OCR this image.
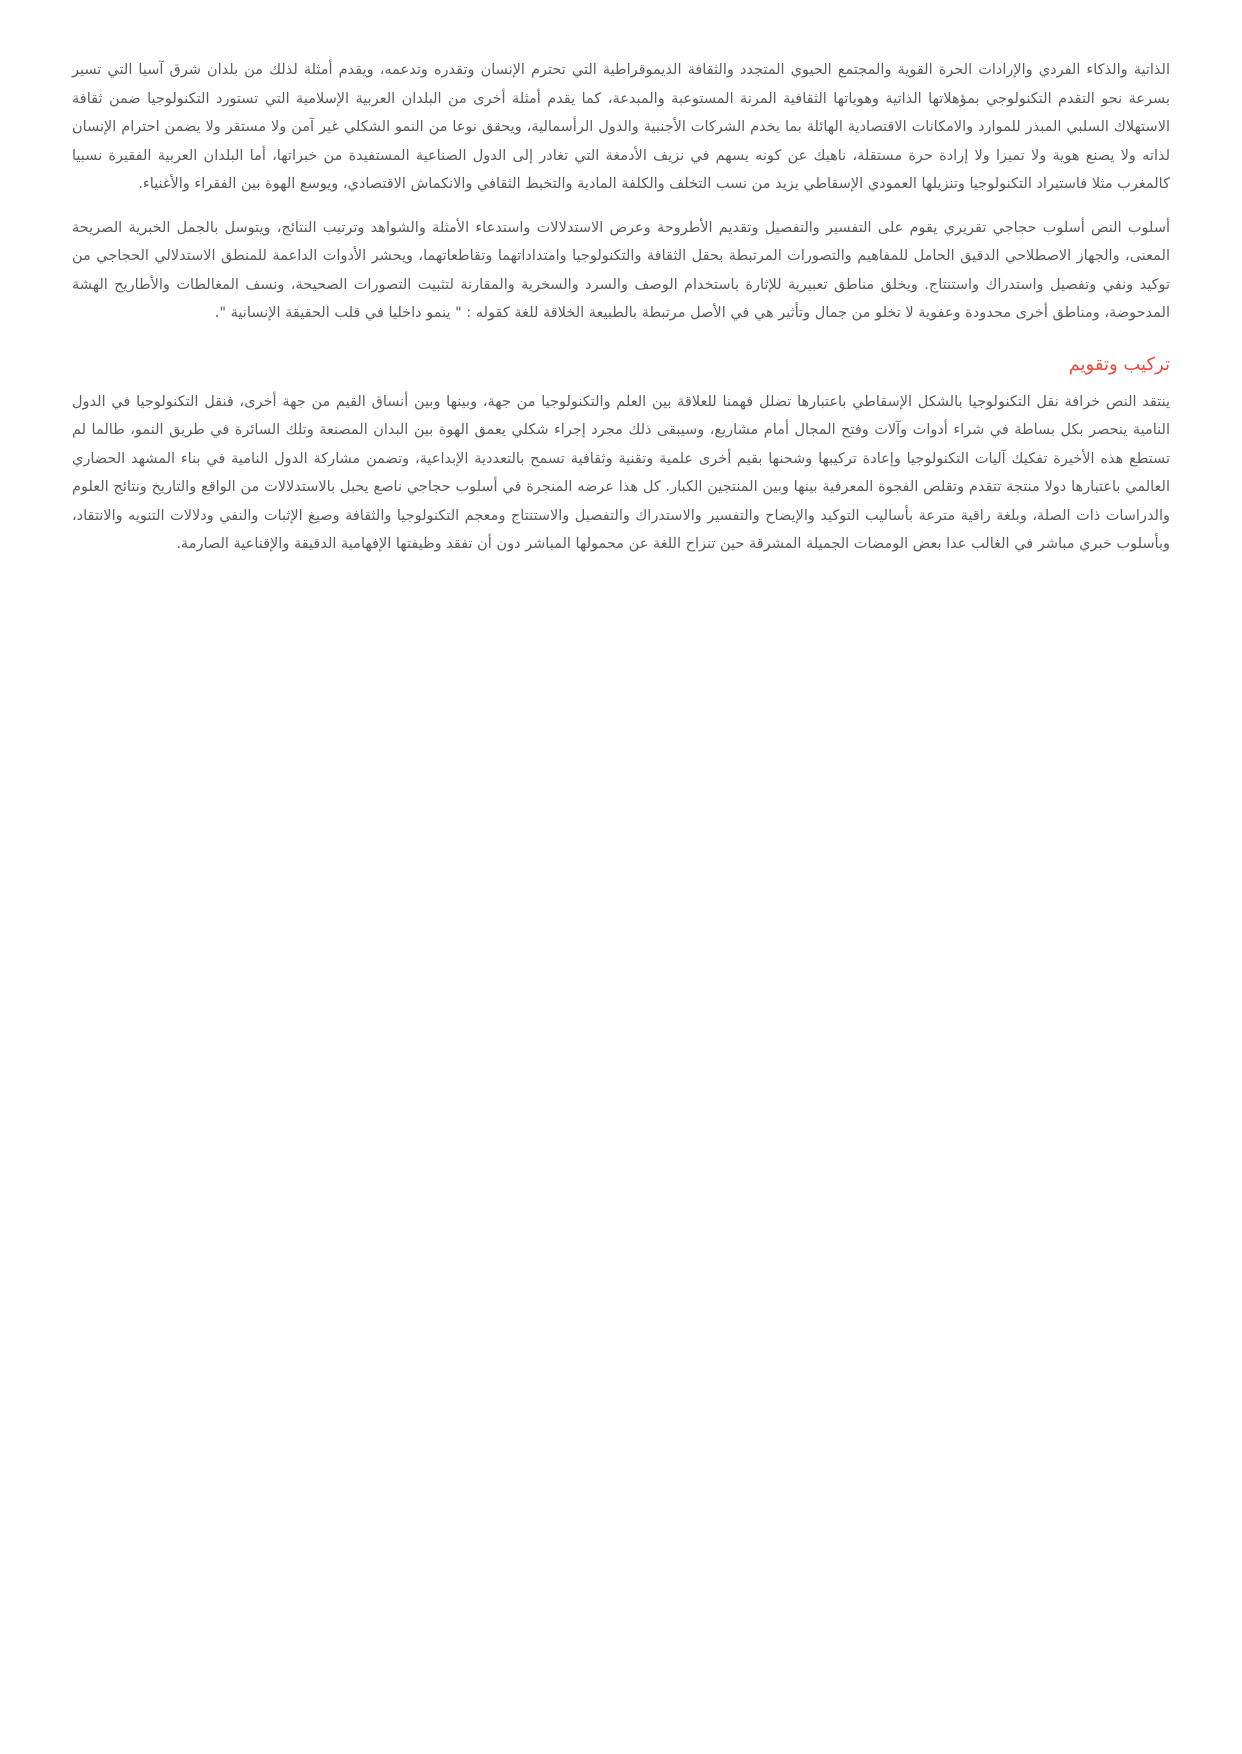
الذاتية والذكاء الفردي والإرادات الحرة القوية والمجتمع الحيوي المتجدد والثقافة الديموقراطية التي تحترم الإنسان وتقدره وتدعمه، ويقدم أمثلة لذلك من بلدان شرق آسيا التي تسير بسرعة نحو التقدم التكنولوجي بمؤهلاتها الذاتية وهوياتها الثقافية المرنة المستوعبة والمبدعة، كما يقدم أمثلة أخرى من البلدان العربية الإسلامية التي تستورد التكنولوجيا ضمن ثقافة الاستهلاك السلبي المبذر للموارد والامكانات الاقتصادية الهائلة بما يخدم الشركات الأجنبية والدول الرأسمالية، ويحقق نوعا من النمو الشكلي غير آمن ولا مستقر ولا يضمن احترام الإنسان لذاته ولا يصنع هوية ولا تميزا ولا إرادة حرة مستقلة، ناهيك عن كونه يسهم في نزيف الأدمغة التي تغادر إلى الدول الصناعية المستفيدة من خبراتها، أما البلدان العربية الفقيرة نسبيا كالمغرب مثلا فاستيراد التكنولوجيا وتنزيلها العمودي الإسقاطي يزيد من نسب التخلف والكلفة المادية والتخبط الثقافي والانكماش الاقتصادي، ويوسع الهوة بين الفقراء والأغنياء.

أسلوب النص أسلوب حجاجي تقريري يقوم على التفسير والتفصيل وتقديم الأطروحة وعرض الاستدلالات واستدعاء الأمثلة والشواهد وترتيب النتائج، ويتوسل بالجمل الخبرية الصريحة المعنى، والجهاز الاصطلاحي الدقيق الحامل للمفاهيم والتصورات المرتبطة بحقل الثقافة والتكنولوجيا وامتداداتهما وتقاطعاتهما، ويحشر الأدوات الداعمة للمنطق الاستدلالي الحجاجي من توكيد ونفي وتفصيل واستدراك واستنتاج. ويخلق مناطق تعبيرية للإثارة باستخدام الوصف والسرد والسخرية والمقارنة لتثبيت التصورات الصحيحة، ونسف المغالطات والأطاريح الهشة المدحوضة، ومناطق أخرى محدودة وعفوية لا تخلو من جمال وتأثير هي في الأصل مرتبطة بالطبيعة الخلاقة للغة كقوله : " ينمو داخليا في قلب الحقيقة الإنسانية ".

تركيب وتقويم

ينتقد النص خرافة نقل التكنولوجيا بالشكل الإسقاطي باعتبارها تضلل فهمنا للعلاقة بين العلم والتكنولوجيا من جهة، وبينها وبين أنساق القيم من جهة أخرى، فنقل التكنولوجيا في الدول النامية ينحصر بكل بساطة في شراء أدوات وآلات وفتح المجال أمام مشاريع، وسيبقى ذلك مجرد إجراء شكلي يعمق الهوة بين البدان المصنعة وتلك السائرة في طريق النمو، طالما لم تستطع هذه الأخيرة تفكيك آليات التكنولوجيا وإعادة تركيبها وشحنها بقيم أخرى علمية وتقنية وثقافية تسمح بالتعددية الإبداعية، وتضمن مشاركة الدول النامية في بناء المشهد الحضاري العالمي باعتبارها دولا منتجة تتقدم وتقلص الفجوة المعرفية بينها وبين المنتجين الكبار. كل هذا عرضه المنجرة في أسلوب حجاجي ناصع يحبل بالاستدلالات من الواقع والتاريخ ونتائج العلوم والدراسات ذات الصلة، وبلغة راقية مترعة بأساليب التوكيد والإيضاح والتفسير والاستدراك والتفصيل والاستنتاج ومعجم التكنولوجيا والثقافة وصيغ الإثبات والنفي ودلالات التنويه والانتقاد، وبأسلوب خبري مباشر في الغالب عدا بعض الومضات الجميلة المشرقة حين تنزاح اللغة عن محمولها المباشر دون أن تفقد وظيفتها الإفهامية الدقيقة والإقناعية الصارمة.
